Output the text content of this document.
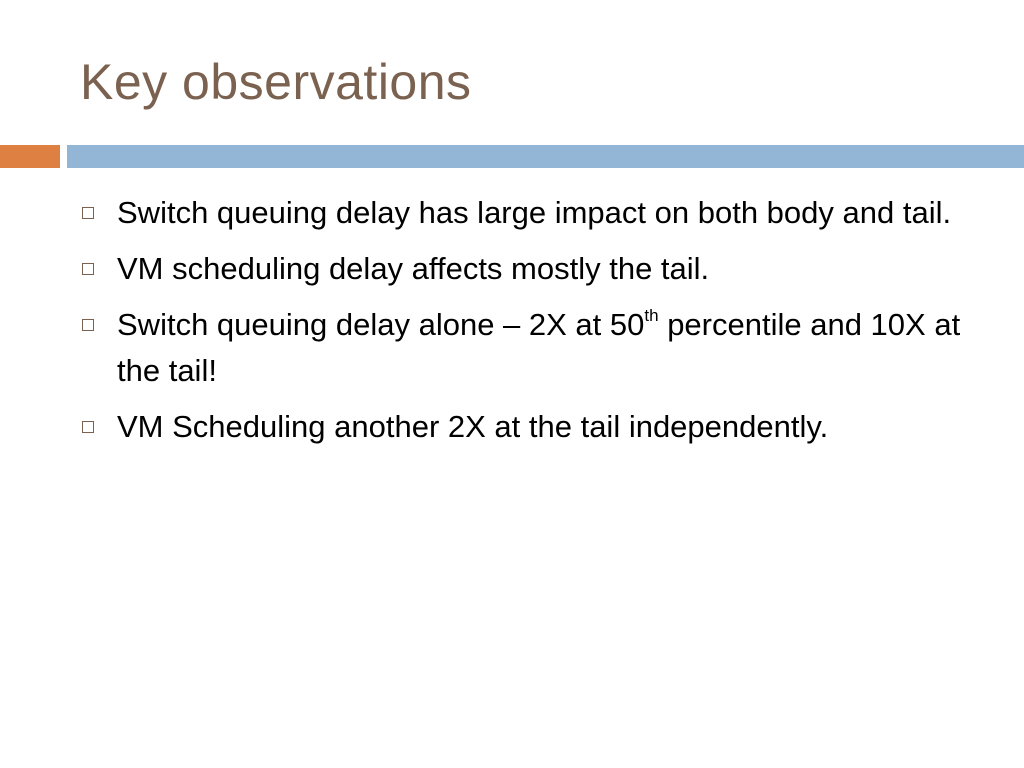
Key observations
Switch queuing delay has large impact on both body and tail.
VM scheduling delay affects mostly the tail.
Switch queuing delay alone – 2X at 50th percentile and 10X at the tail!
VM Scheduling another 2X at the tail independently.
